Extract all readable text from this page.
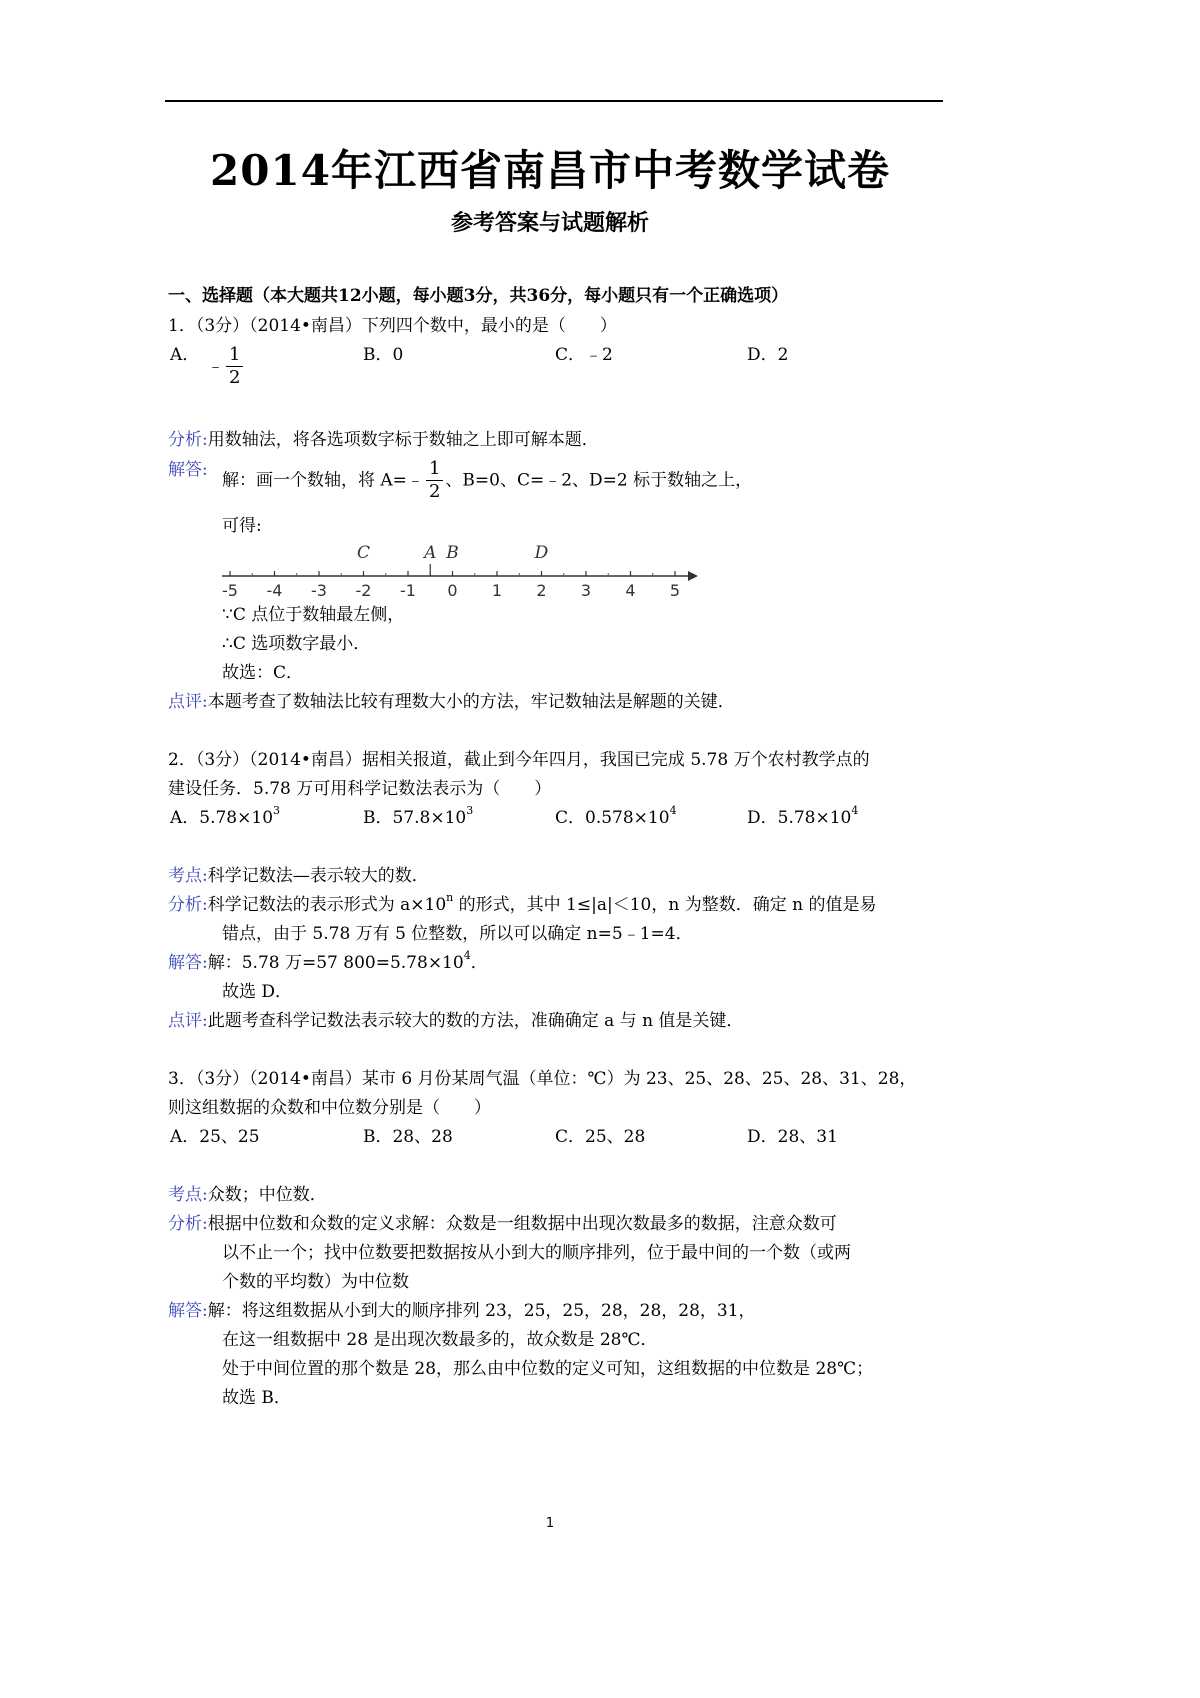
2014年江西省南昌市中考数学试卷
参考答案与试题解析
一、选择题（本大题共12小题，每小题3分，共36分，每小题只有一个正确选项）
1．（3分）（2014•南昌）下列四个数中，最小的是（　　）
A．
﹣ $\frac{1}{2}$	B．0	C．﹣2	D．2
分析:用数轴法，将各选项数字标于数轴之上即可解本题．
解答:
解：画一个数轴，将 A=﹣ $\frac{1}{2}$ 、B=0、C=﹣2、D=2 标于数轴之上，
可得:
-5 -4 -3 -2 -1 0 1 2 3 4 5
C	A B	D
∵C 点位于数轴最左侧，
∴C 选项数字最小．
故选：C．
点评:本题考查了数轴法比较有理数大小的方法，牢记数轴法是解题的关键．
2．（3分）（2014•南昌）据相关报道，截止到今年四月，我国已完成 5.78 万个农村教学点的
建设任务．5.78 万可用科学记数法表示为（　　）
A．$5.78\times 10^3$	B．$57.8\times 10^3$	C．$0.578\times 10^4$	D．$5.78\times 10^4$
考点:科学记数法—表示较大的数．
分析:科学记数法的表示形式为 $a\times 10^n$ 的形式，其中 1≤|a|＜10，n 为整数．确定 n 的值是易
错点，由于 5.78 万有 5 位整数，所以可以确定 n=5﹣1=4．
解答:解：5.78 万=57 $800=5.78\times 10^4$．
故选 D．
点评:此题考查科学记数法表示较大的数的方法，准确确定 a 与 n 值是关键．
3．（3分）（2014•南昌）某市 6 月份某周气温（单位：℃）为 23、25、28、25、28、31、28，
则这组数据的众数和中位数分别是（　　）
A．25、25	B．28、28	C．25、28	D．28、31
考点:众数；中位数．
分析:根据中位数和众数的定义求解：众数是一组数据中出现次数最多的数据，注意众数可
以不止一个；找中位数要把数据按从小到大的顺序排列，位于最中间的一个数（或两
个数的平均数）为中位数
解答:解：将这组数据从小到大的顺序排列 23，25，25，28，28，28，31，
在这一组数据中 28 是出现次数最多的，故众数是 28℃．
处于中间位置的那个数是 28，那么由中位数的定义可知，这组数据的中位数是 28℃；
故选 B．
1
